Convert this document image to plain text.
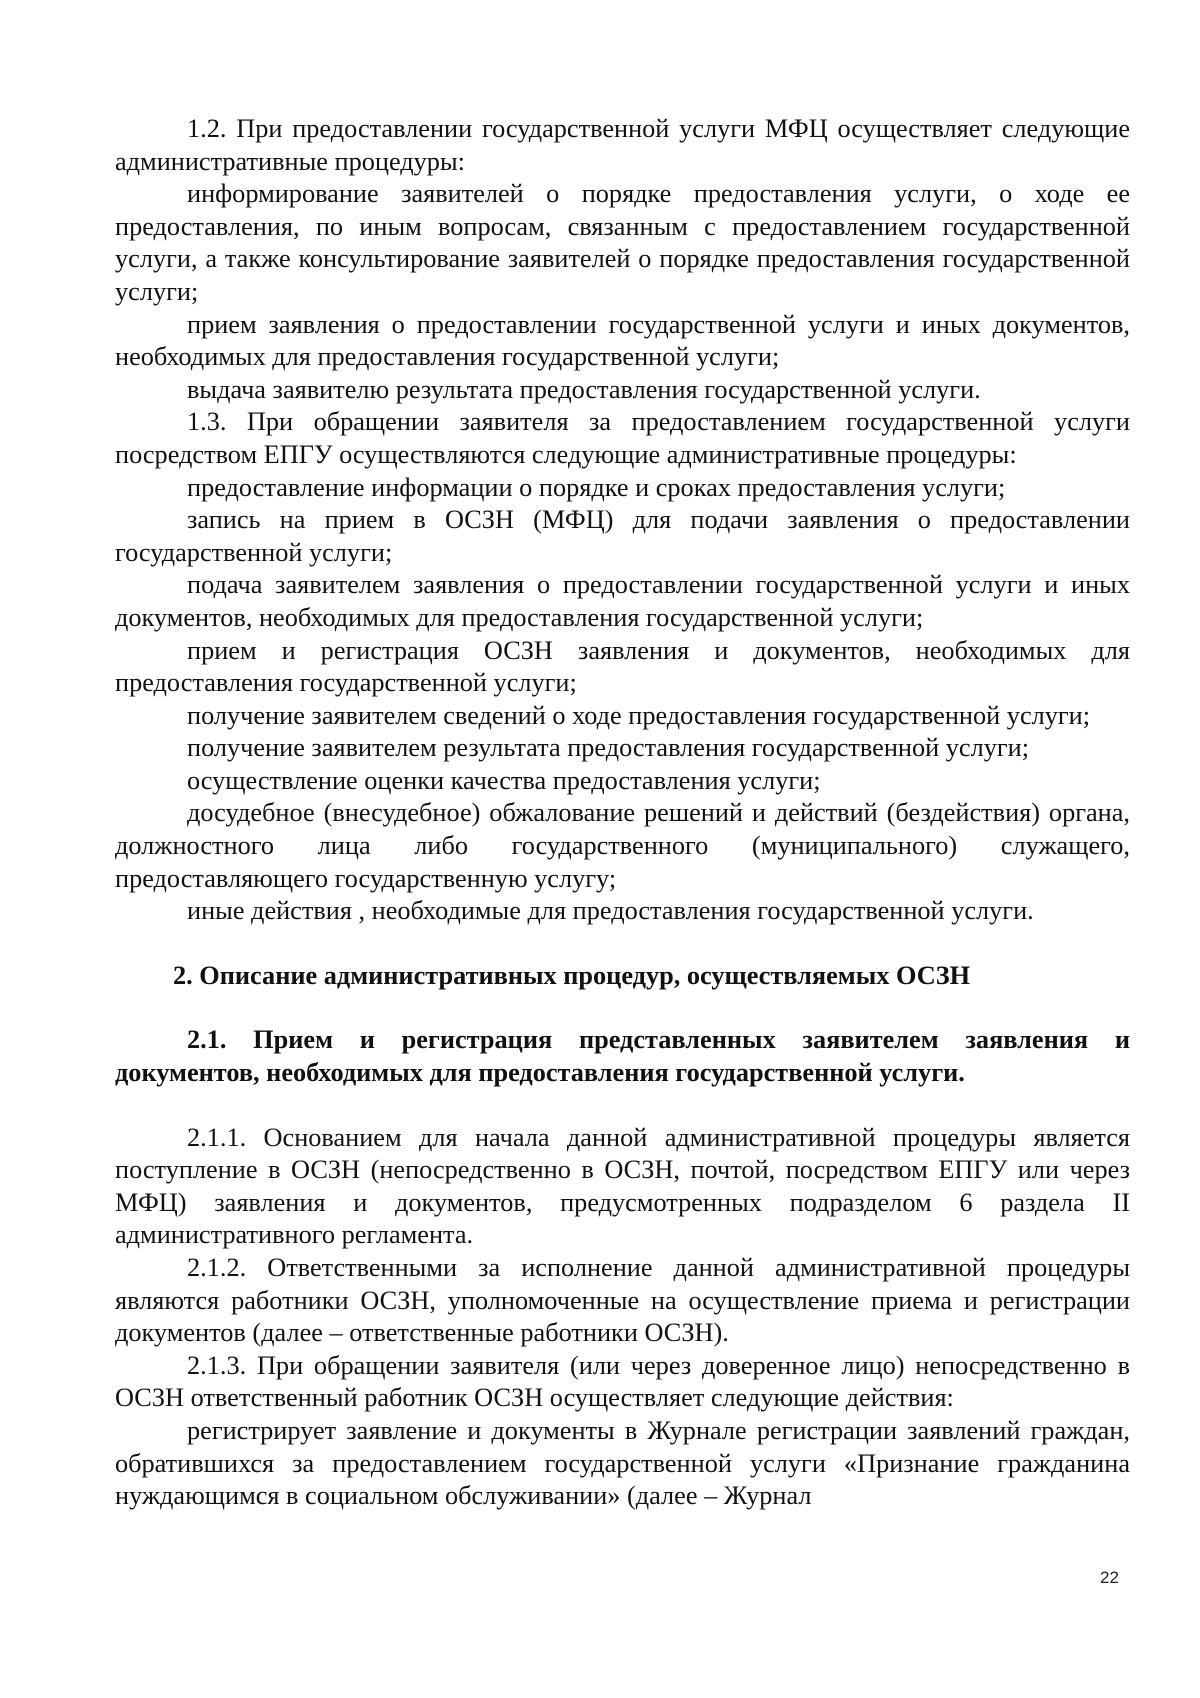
1.2. При предоставлении государственной услуги МФЦ осуществляет следующие административные процедуры:

информирование заявителей о порядке предоставления услуги, о ходе ее предоставления, по иным вопросам, связанным с предоставлением государственной услуги, а также консультирование заявителей о порядке предоставления государственной услуги;

прием заявления о предоставлении государственной услуги и иных документов, необходимых для предоставления государственной услуги;

выдача заявителю результата предоставления государственной услуги.

1.3. При обращении заявителя за предоставлением государственной услуги посредством ЕПГУ осуществляются следующие административные процедуры:

предоставление информации о порядке и сроках предоставления услуги;

запись на прием в ОСЗН (МФЦ) для подачи заявления о предоставлении государственной услуги;

подача заявителем заявления о предоставлении государственной услуги и иных документов, необходимых для предоставления государственной услуги;

прием и регистрация ОСЗН заявления и документов, необходимых для предоставления государственной услуги;

получение заявителем сведений о ходе предоставления государственной услуги;

получение заявителем результата предоставления государственной услуги;

осуществление оценки качества предоставления услуги;

досудебное (внесудебное) обжалование решений и действий (бездействия) органа, должностного лица либо государственного (муниципального) служащего, предоставляющего государственную услугу;

иные действия , необходимые для предоставления государственной услуги.

2. Описание административных процедур, осуществляемых ОСЗН

2.1. Прием и регистрация представленных заявителем заявления и документов, необходимых для предоставления государственной услуги.

2.1.1. Основанием для начала данной административной процедуры является поступление в ОСЗН (непосредственно в ОСЗН, почтой, посредством ЕПГУ или через МФЦ) заявления и документов, предусмотренных подразделом 6 раздела II административного регламента.

2.1.2. Ответственными за исполнение данной административной процедуры являются работники ОСЗН, уполномоченные на осуществление приема и регистрации документов (далее – ответственные работники ОСЗН).

2.1.3. При обращении заявителя (или через доверенное лицо) непосредственно в ОСЗН ответственный работник ОСЗН осуществляет следующие действия:

регистрирует заявление и документы в Журнале регистрации заявлений граждан, обратившихся за предоставлением государственной услуги «Признание гражданина нуждающимся в социальном обслуживании» (далее – Журнал

22
